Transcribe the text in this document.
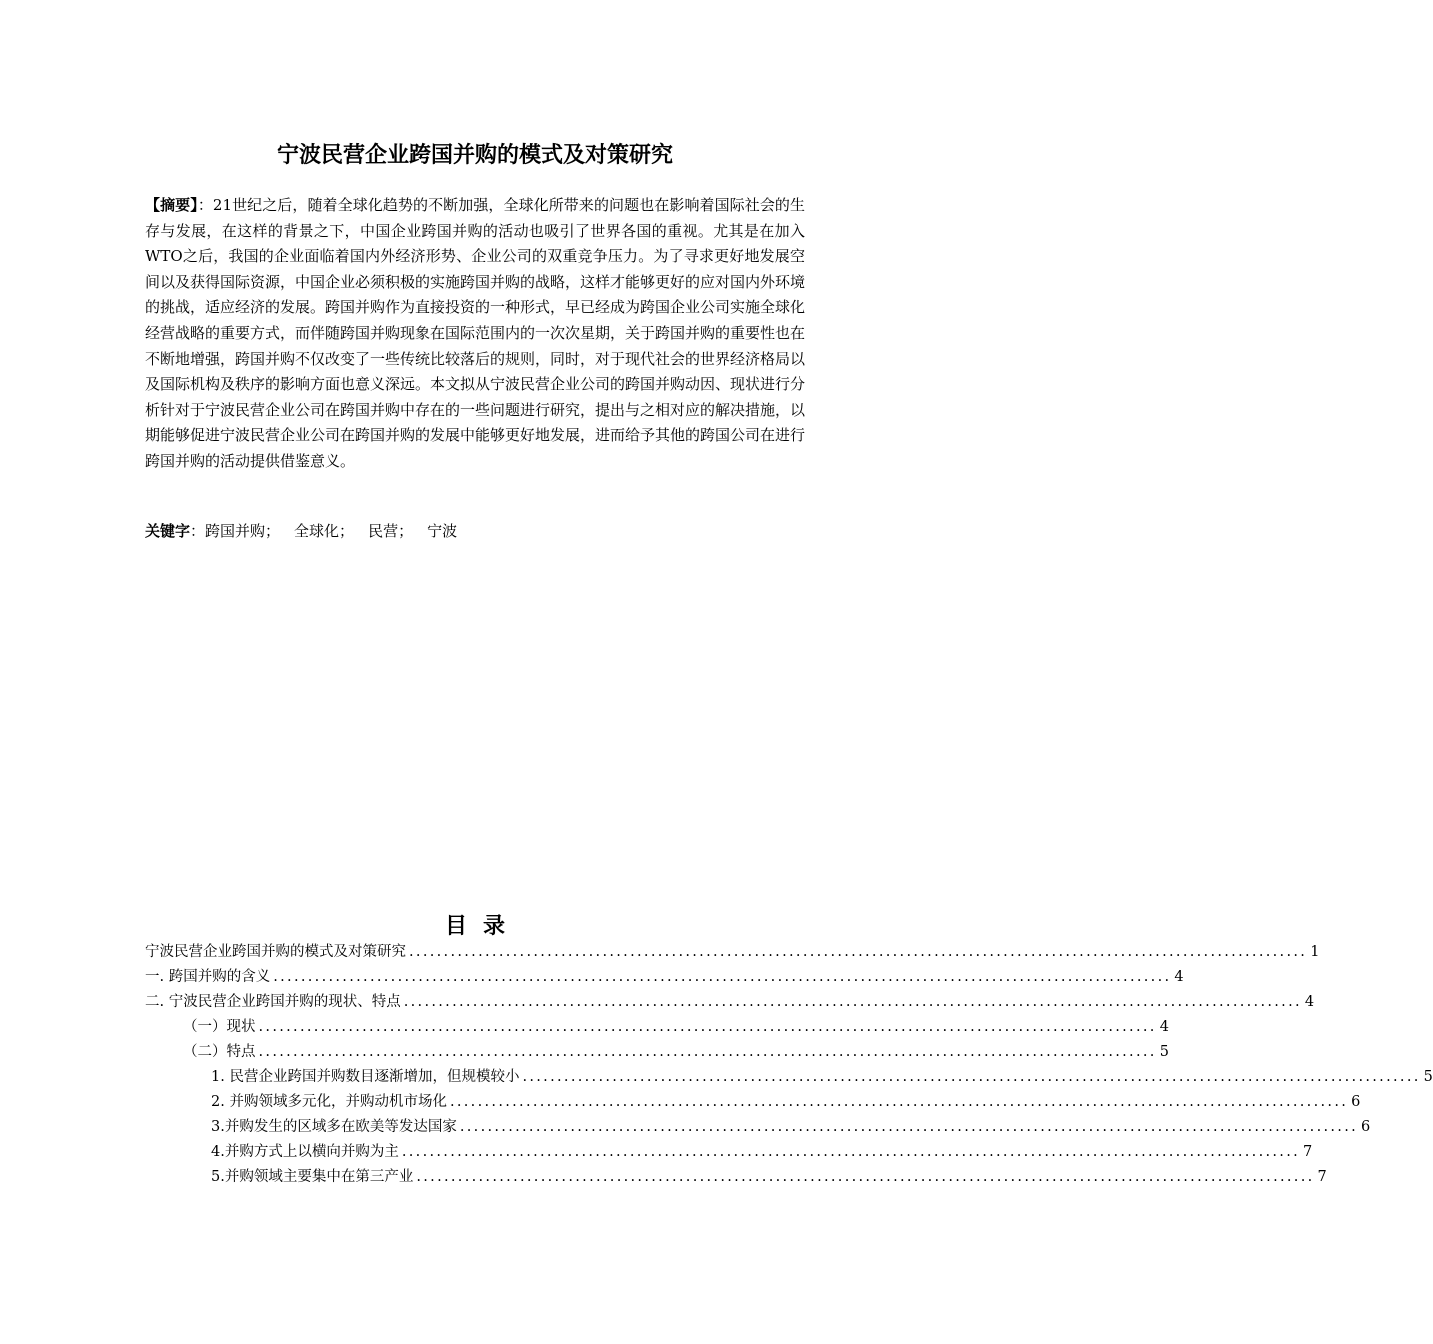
宁波民营企业跨国并购的模式及对策研究

【摘要】：21世纪之后，随着全球化趋势的不断加强，全球化所带来的问题也在影响着国际社会的生存与发展，在这样的背景之下，中国企业跨国并购的活动也吸引了世界各国的重视。尤其是在加入WTO之后，我国的企业面临着国内外经济形势、企业公司的双重竞争压力。为了寻求更好地发展空间以及获得国际资源，中国企业必须积极的实施跨国并购的战略，这样才能够更好的应对国内外环境的挑战，适应经济的发展。跨国并购作为直接投资的一种形式，早已经成为跨国企业公司实施全球化经营战略的重要方式，而伴随跨国并购现象在国际范围内的一次次星期，关于跨国并购的重要性也在不断地增强，跨国并购不仅改变了一些传统比较落后的规则，同时，对于现代社会的世界经济格局以及国际机构及秩序的影响方面也意义深远。本文拟从宁波民营企业公司的跨国并购动因、现状进行分析针对于宁波民营企业公司在跨国并购中存在的一些问题进行研究，提出与之相对应的解决措施，以期能够促进宁波民营企业公司在跨国并购的发展中能够更好地发展，进而给予其他的跨国公司在进行跨国并购的活动提供借鉴意义。

关键字：跨国并购； 全球化； 民营； 宁波
目录
宁波民营企业跨国并购的模式及对策研究 .................................................................................................................................. 1
一. 跨国并购的含义 .................................................................................................................................. 4
二. 宁波民营企业跨国并购的现状、特点 .................................................................................................................................. 4
（一）现状 .................................................................................................................................. 4
（二）特点 .................................................................................................................................. 5
1. 民营企业跨国并购数目逐渐增加，但规模较小 .................................................................................................................................. 5
2. 并购领域多元化，并购动机市场化 .................................................................................................................................. 6
3.并购发生的区域多在欧美等发达国家 .................................................................................................................................. 6
4.并购方式上以横向并购为主 .................................................................................................................................. 7
5.并购领域主要集中在第三产业 .................................................................................................................................. 7
